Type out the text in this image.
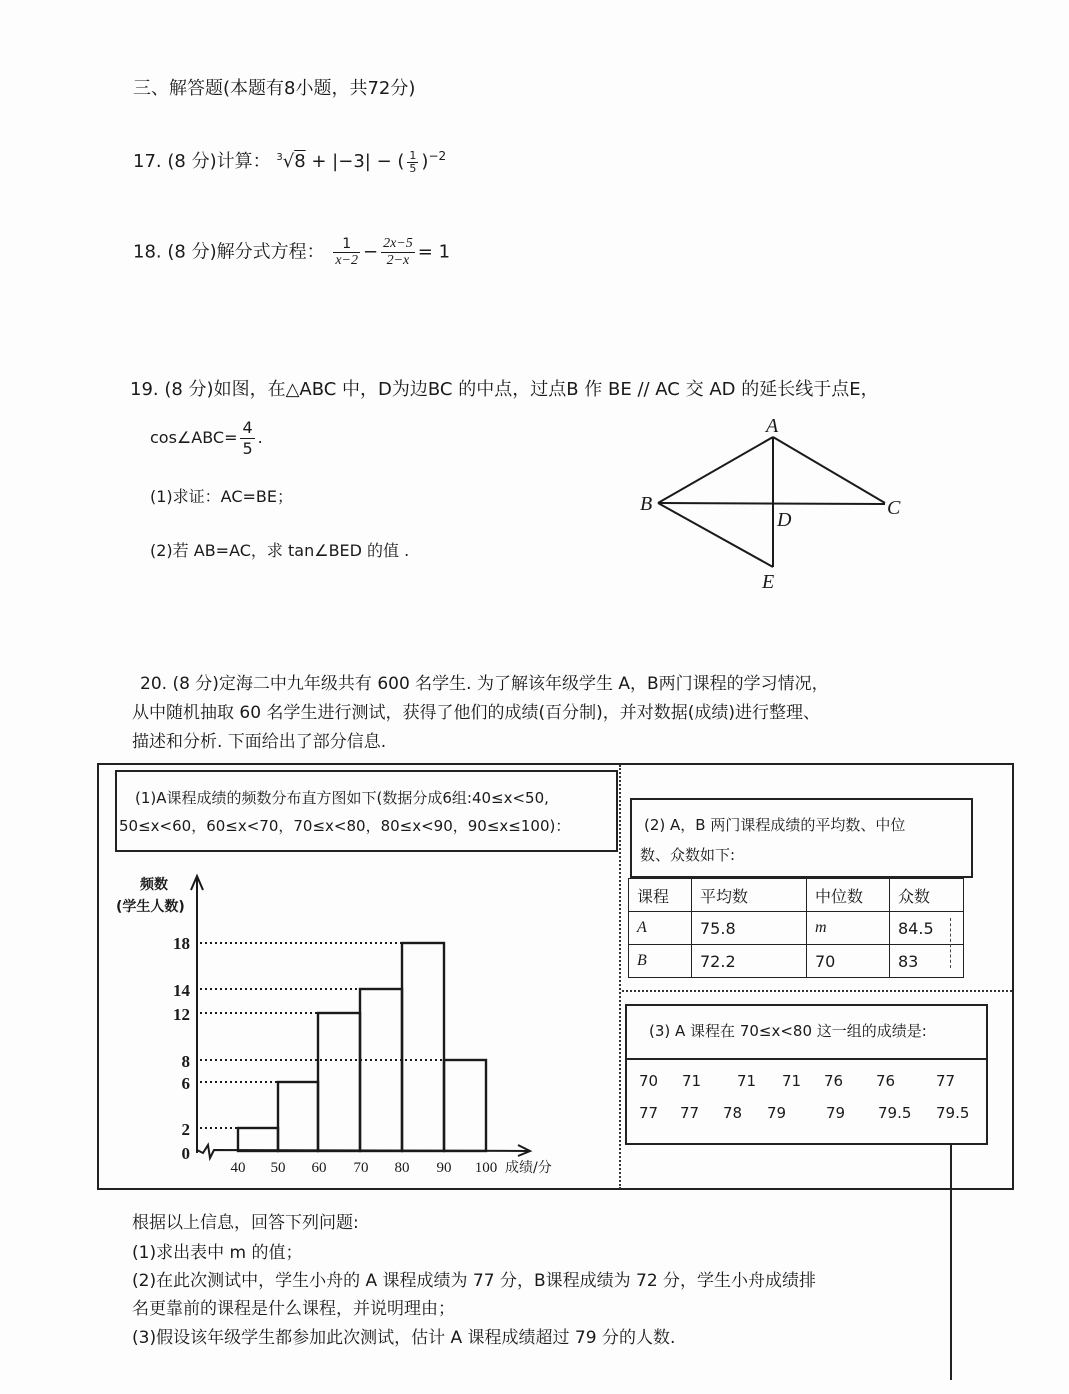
三、解答题(本题有8小题，共72分)
17. (8 分)计算： $^3$√8 + |−3| − ( $\frac{1}{5} )^{-2}$
18. (8 分)解分式方程： $\frac{1}{x-2} - \frac{2x-5}{2-x} = 1$
19. (8 分)如图，在△ABC 中，D为边BC 的中点，过点B 作 BE // AC 交 AD 的延长线于点E，
cos∠ABC= $\frac{4}{5}$ .
(1)求证：AC=BE；
(2)若 AB=AC，求 tan∠BED 的值 .
A
B	C
D
E
20. (8 分)定海二中九年级共有 600 名学生. 为了解该年级学生 A，B两门课程的学习情况，
从中随机抽取 60 名学生进行测试，获得了他们的成绩(百分制)，并对数据(成绩)进行整理、
描述和分析. 下面给出了部分信息.
(1)A课程成绩的频数分布直方图如下(数据分成6组:40≤x<50,
50≤x<60，60≤x<70，70≤x<80，80≤x<90，90≤x≤100)：
频数
(学生人数)
18
14
12
8
6
2
0
40 50 60 70 80 90 100 成绩/分
(2) A，B 两门课程成绩的平均数、中位
数、众数如下:
课程	平均数	中位数	众数
A	75.8	m	84.5
B	72.2	70	83
(3) A 课程在 70≤x<80 这一组的成绩是:
70 71 71 71 76 76	77
77 77 78 79	79 79.5 79.5
根据以上信息，回答下列问题:
(1)求出表中 m 的值；
(2)在此次测试中，学生小舟的 A 课程成绩为 77 分，B课程成绩为 72 分，学生小舟成绩排
名更靠前的课程是什么课程，并说明理由；
(3)假设该年级学生都参加此次测试，估计 A 课程成绩超过 79 分的人数.
